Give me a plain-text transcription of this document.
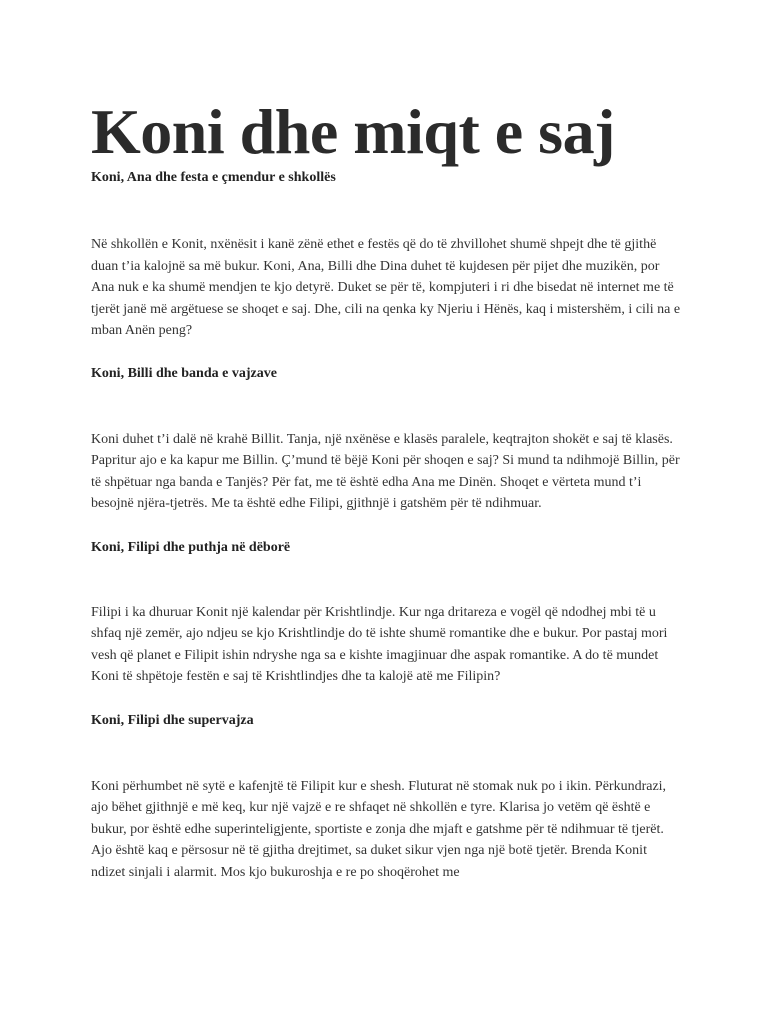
Koni dhe miqt e saj
Koni, Ana dhe festa e çmendur e shkollës

Në shkollën e Konit, nxënësit i kanë zënë ethet e festës që do të zhvillohet shumë shpejt dhe të gjithë duan t’ia kalojnë sa më bukur. Koni, Ana, Billi dhe Dina duhet të kujdesen për pijet dhe muzikën, por Ana nuk e ka shumë mendjen te kjo detyrë. Duket se për të, kompjuteri i ri dhe bisedat në internet me të tjerët janë më argëtuese se shoqet e saj. Dhe, cili na qenka ky Njeriu i Hënës, kaq i mistershëm, i cili na e mban Anën peng?

Koni, Billi dhe banda e vajzave

Koni duhet t’i dalë në krahë Billit. Tanja, një nxënëse e klasës paralele, keqtrajton shokët e saj të klasës. Papritur ajo e ka kapur me Billin. Ç’mund të bëjë Koni për shoqen e saj? Si mund ta ndihmojë Billin, për të shpëtuar nga banda e Tanjës? Për fat, me të është edha Ana me Dinën. Shoqet e vërteta mund t’i besojnë njëra-tjetrës. Me ta është edhe Filipi, gjithnjë i gatshëm për të ndihmuar.

Koni, Filipi dhe puthja në dëborë

Filipi i ka dhuruar Konit një kalendar për Krishtlindje. Kur nga dritareza e vogël që ndodhej mbi të u shfaq një zemër, ajo ndjeu se kjo Krishtlindje do të ishte shumë romantike dhe e bukur. Por pastaj mori vesh që planet e Filipit ishin ndryshe nga sa e kishte imagjinuar dhe aspak romantike. A do të mundet Koni të shpëtoje festën e saj të Krishtlindjes dhe ta kalojë atë me Filipin?

Koni, Filipi dhe supervajza

Koni përhumbet në sytë e kafenjtë të Filipit kur e shesh. Fluturat në stomak nuk po i ikin. Përkundrazi, ajo bëhet gjithnjë e më keq, kur një vajzë e re shfaqet në shkollën e tyre. Klarisa jo vetëm që është e bukur, por është edhe superinteligjente, sportiste e zonja dhe mjaft e gatshme për të ndihmuar të tjerët. Ajo është kaq e përsosur në të gjitha drejtimet, sa duket sikur vjen nga një botë tjetër. Brenda Konit ndizet sinjali i alarmit. Mos kjo bukuroshja e re po shoqërohet me
